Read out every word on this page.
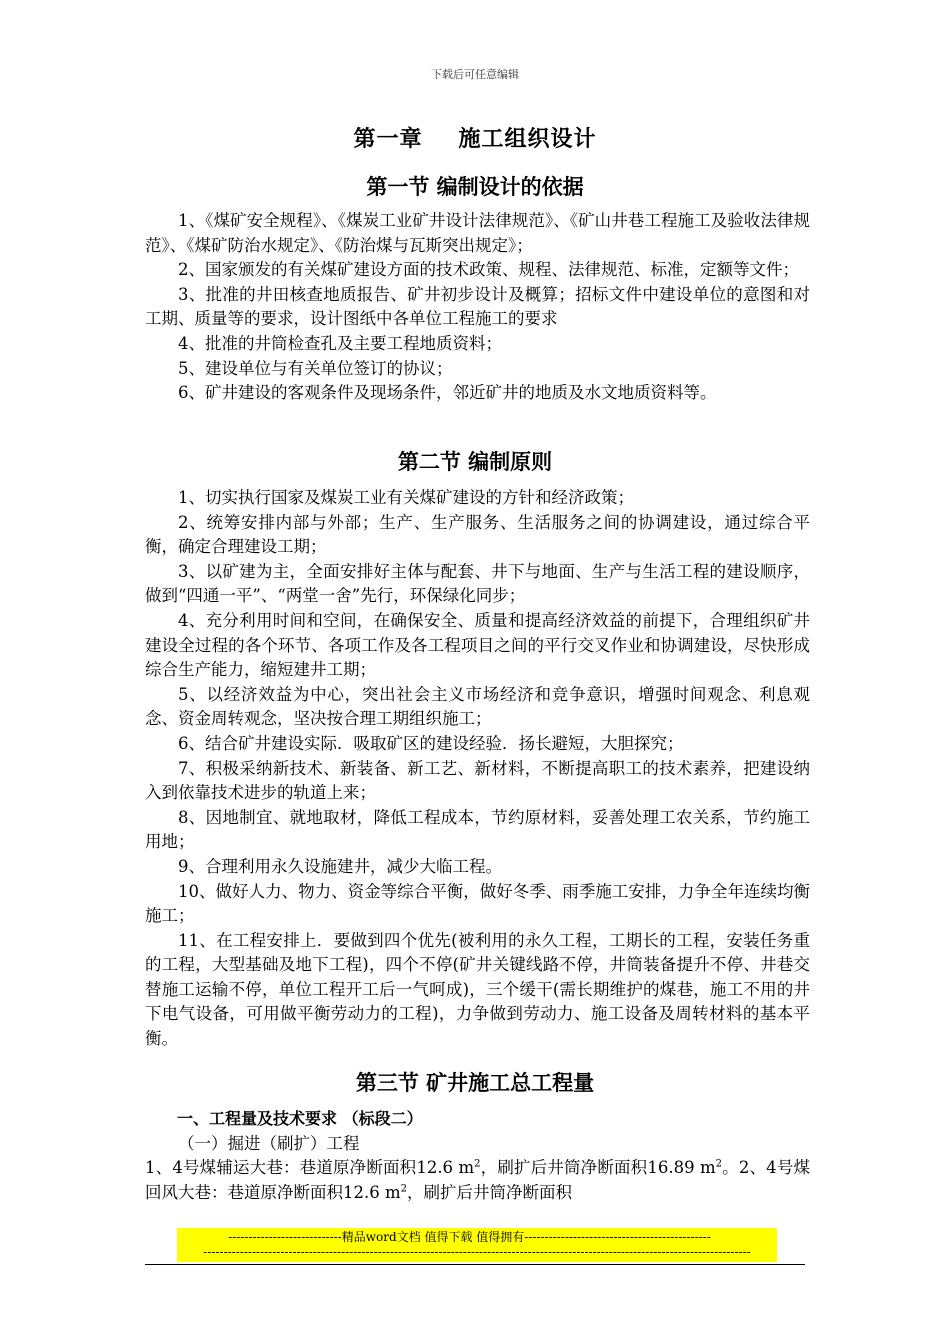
下载后可任意编辑
第一章 施工组织设计
第一节 编制设计的依据

1、《煤矿安全规程》、《煤炭工业矿井设计法律规范》、《矿山井巷工程施工及验收法律规范》、《煤矿防治水规定》、《防治煤与瓦斯突出规定》；

2、国家颁发的有关煤矿建设方面的技术政策、规程、法律规范、标准，定额等文件；

3、批准的井田核查地质报告、矿井初步设计及概算；招标文件中建设单位的意图和对工期、质量等的要求，设计图纸中各单位工程施工的要求

4、批准的井筒检查孔及主要工程地质资料；

5、建设单位与有关单位签订的协议；

6、矿井建设的客观条件及现场条件，邻近矿井的地质及水文地质资料等。

第二节 编制原则

1、切实执行国家及煤炭工业有关煤矿建设的方针和经济政策；

2、统筹安排内部与外部；生产、生产服务、生活服务之间的协调建设，通过综合平衡，确定合理建设工期；

3、以矿建为主，全面安排好主体与配套、井下与地面、生产与生活工程的建设顺序，做到“四通一平”、“两堂一舍”先行，环保绿化同步；

4、充分利用时间和空间，在确保安全、质量和提高经济效益的前提下，合理组织矿井建设全过程的各个环节、各项工作及各工程项目之间的平行交叉作业和协调建设，尽快形成综合生产能力，缩短建井工期；

5、以经济效益为中心，突出社会主义市场经济和竞争意识，增强时间观念、利息观念、资金周转观念，坚决按合理工期组织施工；

6、结合矿井建设实际．吸取矿区的建设经验．扬长避短，大胆探究；

7、积极采纳新技术、新装备、新工艺、新材料，不断提高职工的技术素养，把建设纳入到依靠技术进步的轨道上来；

8、因地制宜、就地取材，降低工程成本，节约原材料，妥善处理工农关系，节约施工用地；

9、合理利用永久设施建井，减少大临工程。

10、做好人力、物力、资金等综合平衡，做好冬季、雨季施工安排，力争全年连续均衡施工；

11、在工程安排上．要做到四个优先(被利用的永久工程，工期长的工程，安装任务重的工程，大型基础及地下工程)，四个不停(矿井关键线路不停，井筒装备提升不停、井巷交替施工运输不停，单位工程开工后一气呵成)，三个缓干(需长期维护的煤巷，施工不用的井下电气设备，可用做平衡劳动力的工程)，力争做到劳动力、施工设备及周转材料的基本平衡。

第三节 矿井施工总工程量

一、工程量及技术要求 （标段二）

（一）掘进（刷扩）工程

1、4号煤辅运大巷：巷道原净断面积12.6 $m^2$，刷扩后井筒净断面积16.89 $m^2$。2、4号煤回风大巷：巷道原净断面积12.6 $m^2$，刷扩后井筒净断面积

----------------------------精品word文档 值得下载 值得拥有----------------------------------------------
---------------------------------------------------------------------------------------------------------------------------------------
